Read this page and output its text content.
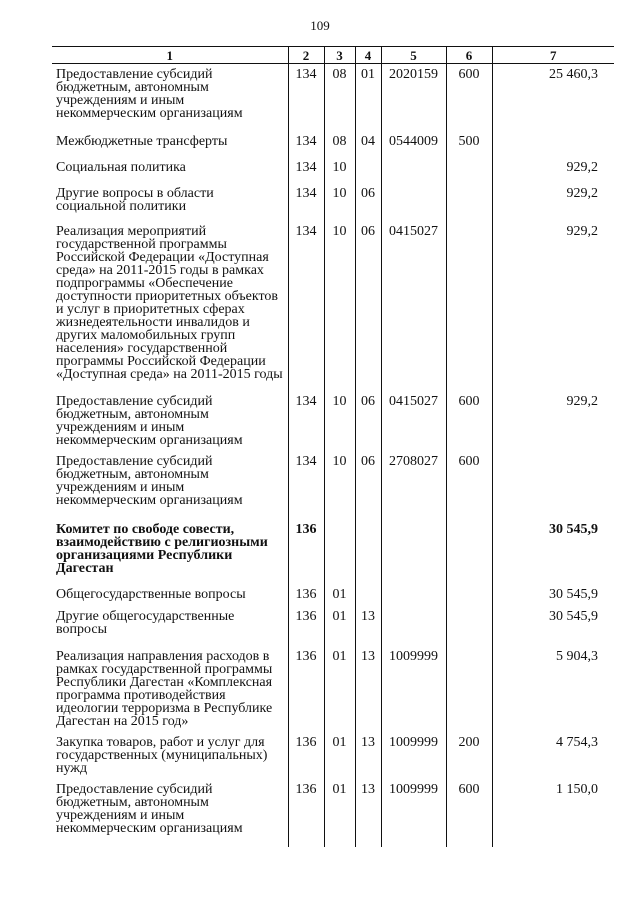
109
1	2	3	4	5	6	7
Предоставление субсидий бюджетным, автономным учреждениям и иным некоммерческим организациям	134	08	01	2020159	600	25 460,3
Межбюджетные трансферты	134	08	04	0544009	500	
Социальная политика	134	10				929,2
Другие вопросы в области социальной политики	134	10	06			929,2
Реализация мероприятий государственной программы Российской Федерации «Доступная среда» на 2011-2015 годы в рамках подпрограммы «Обеспечение доступности приоритетных объектов и услуг в приоритетных сферах жизнедеятельности инвалидов и других маломобильных групп населения» государственной программы Российской Федерации «Доступная среда» на 2011-2015 годы	134	10	06	0415027		929,2
Предоставление субсидий бюджетным, автономным учреждениям и иным некоммерческим организациям	134	10	06	0415027	600	929,2
Предоставление субсидий бюджетным, автономным учреждениям и иным некоммерческим организациям	134	10	06	2708027	600	
Комитет по свободе совести, взаимодействию с религиозными организациями Республики Дагестан	136					30 545,9
Общегосударственные вопросы	136	01				30 545,9
Другие общегосударственные вопросы	136	01	13			30 545,9
Реализация направления расходов в рамках государственной программы Республики Дагестан «Комплексная программа противодействия идеологии терроризма в Республике Дагестан на 2015 год»	136	01	13	1009999		5 904,3
Закупка товаров, работ и услуг для государственных (муниципальных) нужд	136	01	13	1009999	200	4 754,3
Предоставление субсидий бюджетным, автономным учреждениям и иным некоммерческим организациям	136	01	13	1009999	600	1 150,0
